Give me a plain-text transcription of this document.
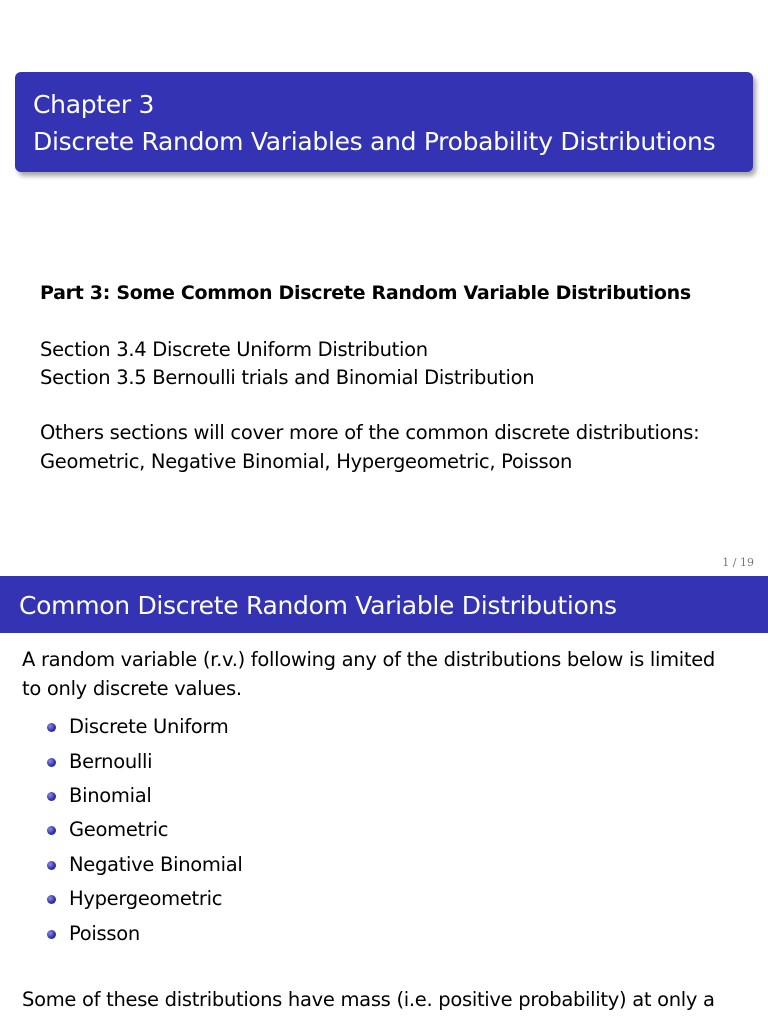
Chapter 3
Discrete Random Variables and Probability Distributions
Part 3: Some Common Discrete Random Variable Distributions
Section 3.4 Discrete Uniform Distribution
Section 3.5 Bernoulli trials and Binomial Distribution
Others sections will cover more of the common discrete distributions:
Geometric, Negative Binomial, Hypergeometric, Poisson
1 / 19
Common Discrete Random Variable Distributions
A random variable (r.v.) following any of the distributions below is limited
to only discrete values.
Discrete Uniform
Bernoulli
Binomial
Geometric
Negative Binomial
Hypergeometric
Poisson
Some of these distributions have mass (i.e. positive probability) at only a
